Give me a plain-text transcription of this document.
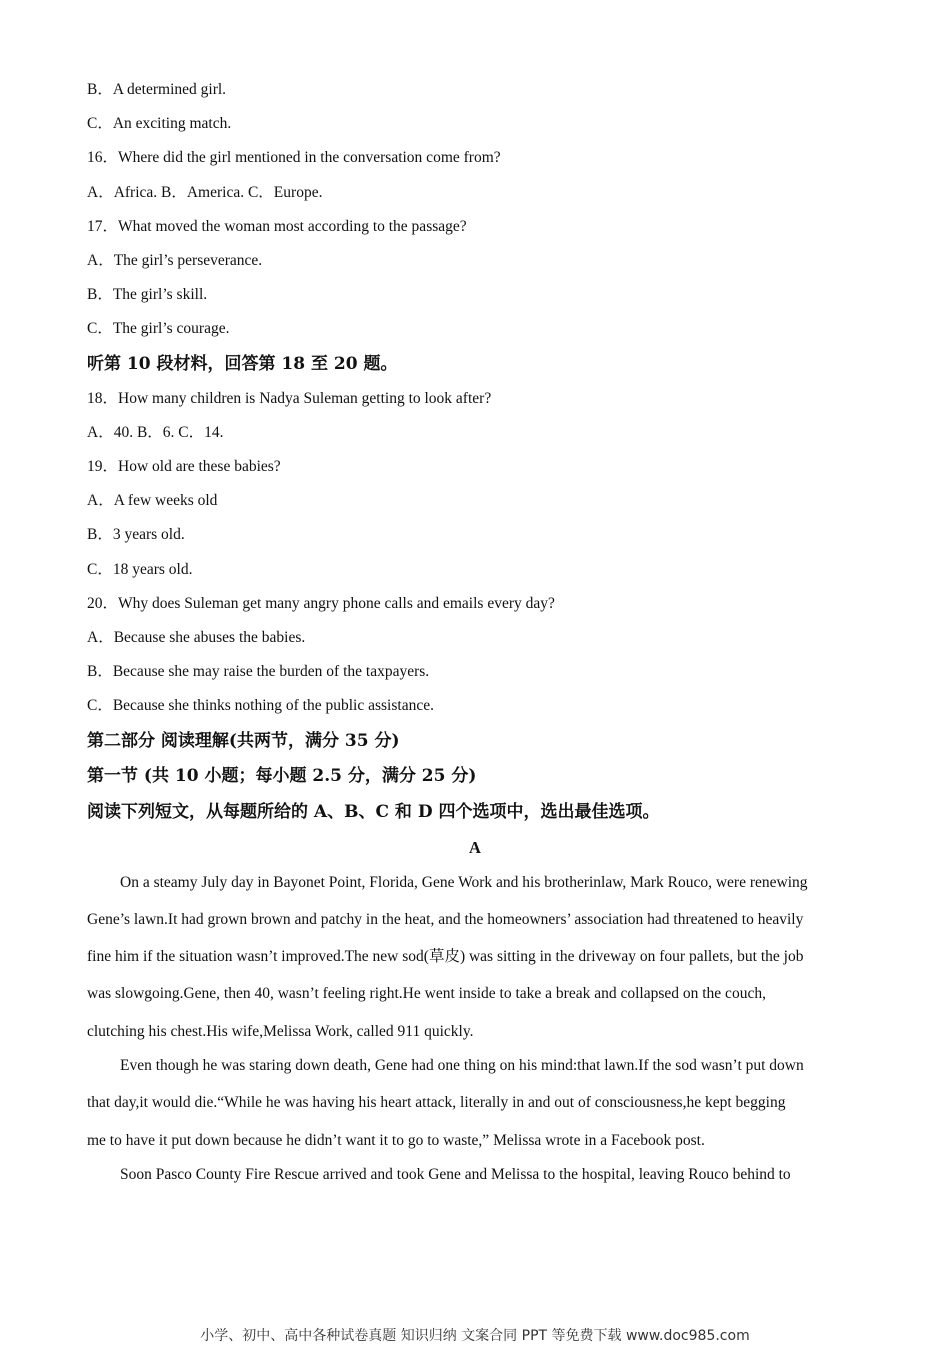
B．A determined girl.
C．An exciting match.
16．Where did the girl mentioned in the conversation come from?
A．Africa. B．America. C．Europe.
17．What moved the woman most according to the passage?
A．The girl’s perseverance.
B．The girl’s skill.
C．The girl’s courage.
听第 10 段材料，回答第 18 至 20 题。
18．How many children is Nadya Suleman getting to look after?
A．40. B．6. C．14.
19．How old are these babies?
A．A few weeks old
B．3 years old.
C．18 years old.
20．Why does Suleman get many angry phone calls and emails every day?
A．Because she abuses the babies.
B．Because she may raise the burden of the taxpayers.
C．Because she thinks nothing of the public assistance.
第二部分 阅读理解(共两节，满分 35 分)
第一节 (共 10 小题；每小题 2.5 分，满分 25 分)
阅读下列短文，从每题所给的 A、B、C 和 D 四个选项中，选出最佳选项。
A
On a steamy July day in Bayonet Point, Florida, Gene Work and his brotherinlaw, Mark Rouco, were renewing
Gene’s lawn.It had grown brown and patchy in the heat, and the homeowners’ association had threatened to heavily
fine him if the situation wasn’t improved.The new sod(草皮) was sitting in the driveway on four pallets, but the job
was slowgoing.Gene, then 40, wasn’t feeling right.He went inside to take a break and collapsed on the couch,
clutching his chest.His wife,Melissa Work, called 911 quickly.
Even though he was staring down death, Gene had one thing on his mind:that lawn.If the sod wasn’t put down
that day,it would die.“While he was having his heart attack, literally in and out of consciousness,he kept begging
me to have it put down because he didn’t want it to go to waste,” Melissa wrote in a Facebook post.
Soon Pasco County Fire Rescue arrived and took Gene and Melissa to the hospital, leaving Rouco behind to
小学、初中、高中各种试卷真题 知识归纳 文案合同 PPT 等免费下载 www.doc985.com
